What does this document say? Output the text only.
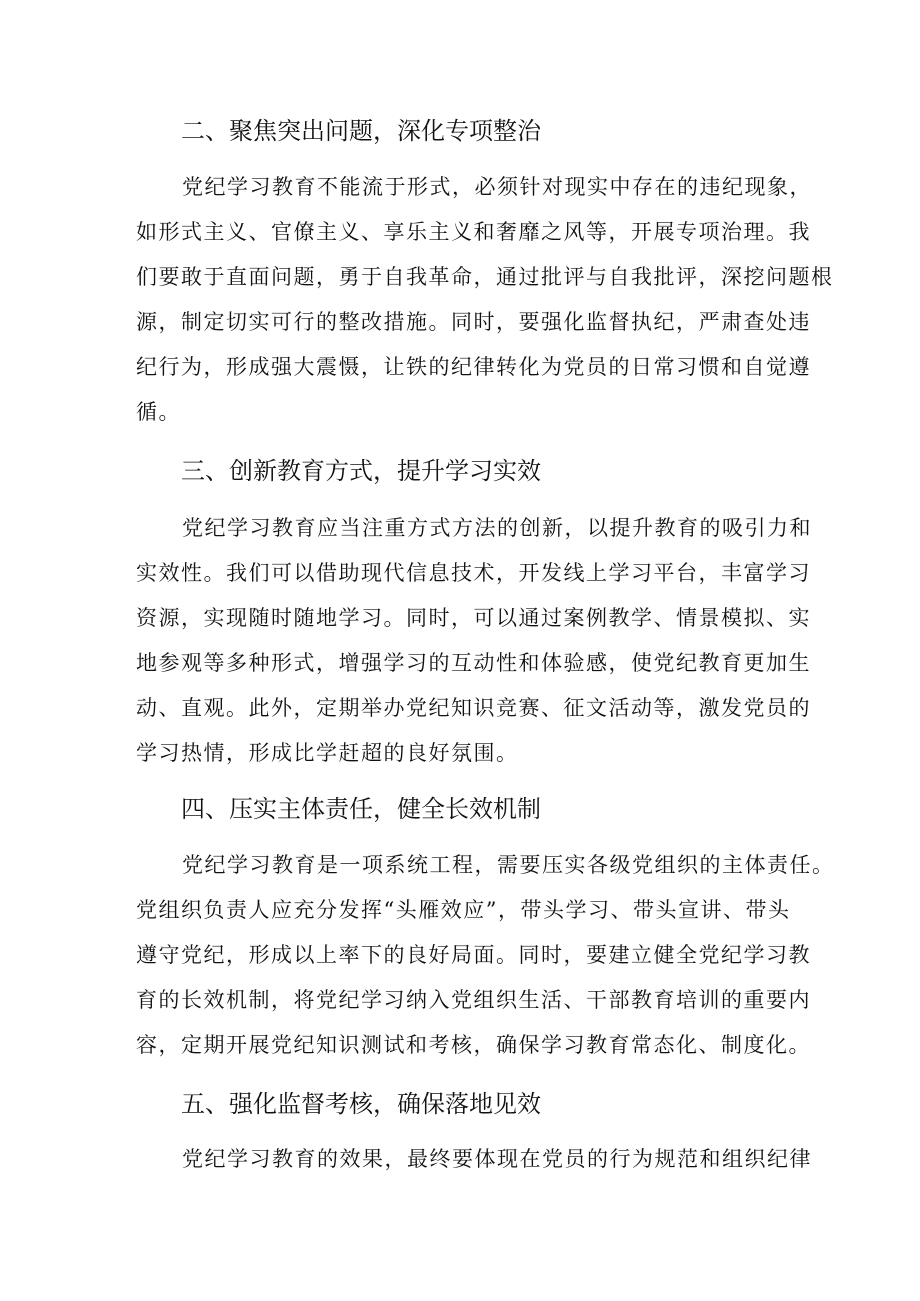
二、聚焦突出问题，深化专项整治
党纪学习教育不能流于形式，必须针对现实中存在的违纪现象，
如形式主义、官僚主义、享乐主义和奢靡之风等，开展专项治理。我
们要敢于直面问题，勇于自我革命，通过批评与自我批评，深挖问题根
源，制定切实可行的整改措施。同时，要强化监督执纪，严肃查处违
纪行为，形成强大震慑，让铁的纪律转化为党员的日常习惯和自觉遵
循。
三、创新教育方式，提升学习实效
党纪学习教育应当注重方式方法的创新，以提升教育的吸引力和
实效性。我们可以借助现代信息技术，开发线上学习平台，丰富学习
资源，实现随时随地学习。同时，可以通过案例教学、情景模拟、实
地参观等多种形式，增强学习的互动性和体验感，使党纪教育更加生
动、直观。此外，定期举办党纪知识竞赛、征文活动等，激发党员的
学习热情，形成比学赶超的良好氛围。
四、压实主体责任，健全长效机制
党纪学习教育是一项系统工程，需要压实各级党组织的主体责任。
党组织负责人应充分发挥“头雁效应”，带头学习、带头宣讲、带头
遵守党纪，形成以上率下的良好局面。同时，要建立健全党纪学习教
育的长效机制，将党纪学习纳入党组织生活、干部教育培训的重要内
容，定期开展党纪知识测试和考核，确保学习教育常态化、制度化。
五、强化监督考核，确保落地见效
党纪学习教育的效果，最终要体现在党员的行为规范和组织纪律
